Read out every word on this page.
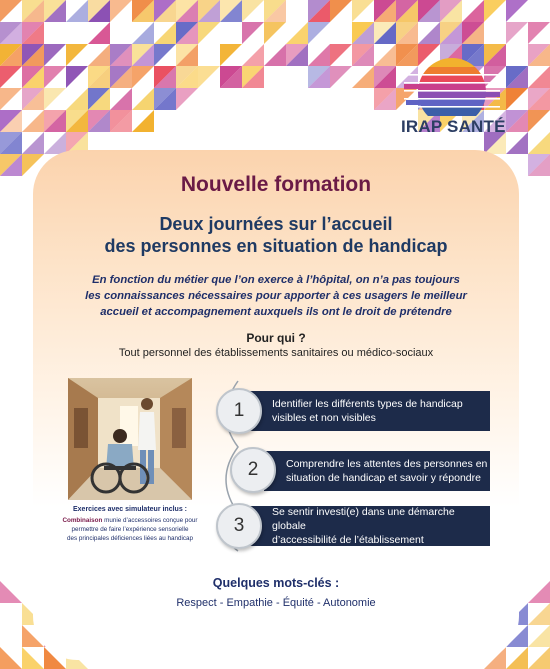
IRAP SANTÉ
Nouvelle formation
Deux journées sur l’accueil
des personnes en situation de handicap
En fonction du métier que l’on exerce à l’hôpital, on n’a pas toujours
les connaissances nécessaires pour apporter à ces usagers le meilleur
accueil et accompagnement auxquels ils ont le droit de prétendre
Pour qui ?
Tout personnel des établissements sanitaires ou médico-sociaux
Exercices avec simulateur inclus :
Combinaison munie d’accessoires conçue pour
permettre de faire l’expérience sensorielle
des principales déficiences liées au handicap
Identifier les différents types de handicap
visibles et non visibles
1
Comprendre les attentes des personnes en
situation de handicap et savoir y répondre
2
Se sentir investi(e) dans une démarche globale
d’accessibilité de l’établissement
3
Quelques mots-clés :
Respect - Empathie - Équité - Autonomie
